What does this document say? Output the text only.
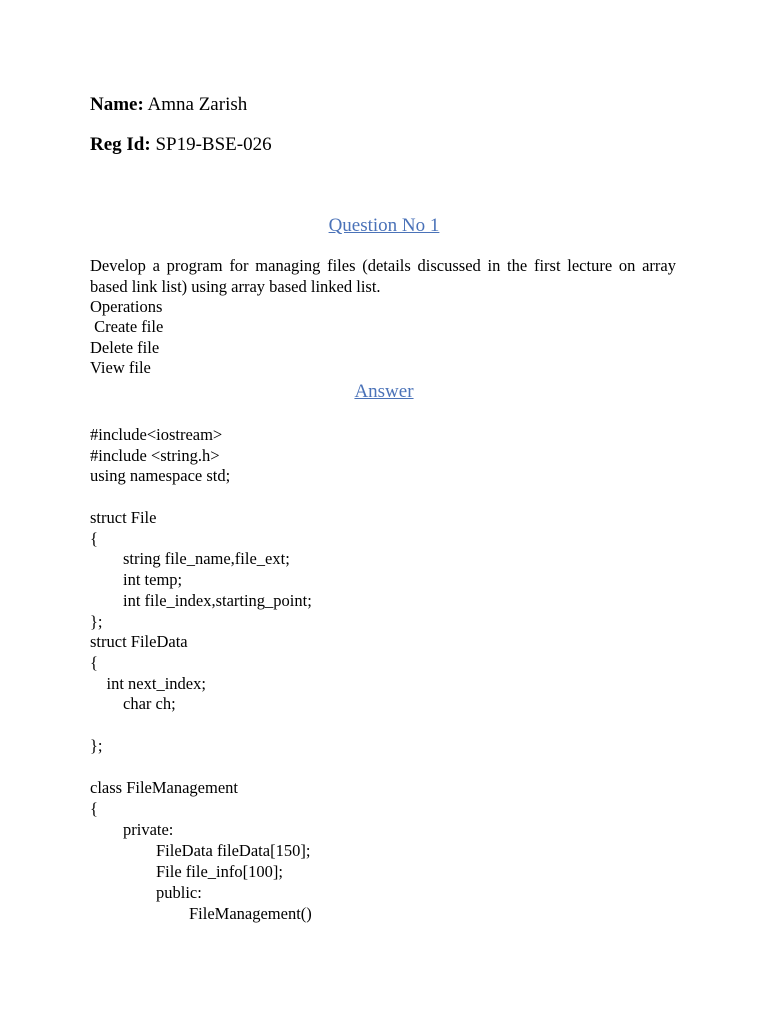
Name: Amna Zarish
Reg Id: SP19-BSE-026
Question No 1
Develop a program for managing files (details discussed in the first lecture on array based link list) using array based linked list.
Operations
Create file
Delete file
View file
Answer
#include<iostream>
#include <string.h>
using namespace std;
struct File
{
string file_name,file_ext;
int temp;
int file_index,starting_point;
};
struct FileData
{
int next_index;
char ch;
};
class FileManagement
{
private:
FileData fileData[150];
File file_info[100];
public:
FileManagement()
